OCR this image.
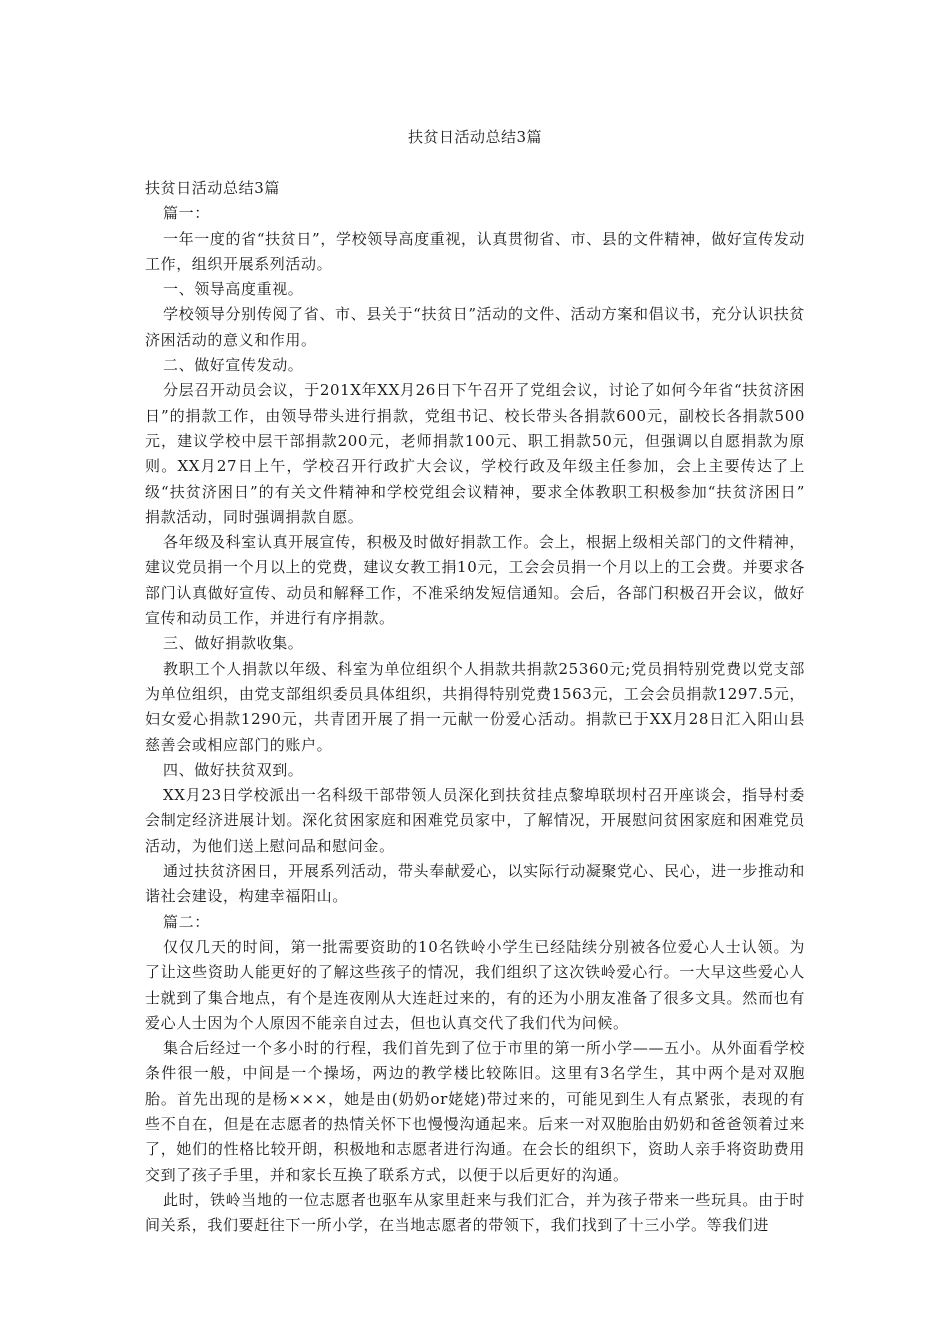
扶贫日活动总结3篇

扶贫日活动总结3篇

篇一：

一年一度的省“扶贫日”，学校领导高度重视，认真贯彻省、市、县的文件精神，做好宣传发动工作，组织开展系列活动。

一、领导高度重视。

学校领导分别传阅了省、市、县关于“扶贫日”活动的文件、活动方案和倡议书，充分认识扶贫济困活动的意义和作用。

二、做好宣传发动。

分层召开动员会议，于201X年XX月26日下午召开了党组会议，讨论了如何今年省“扶贫济困日”的捐款工作，由领导带头进行捐款，党组书记、校长带头各捐款600元，副校长各捐款500元，建议学校中层干部捐款200元，老师捐款100元、职工捐款50元，但强调以自愿捐款为原则。XX月27日上午，学校召开行政扩大会议，学校行政及年级主任参加，会上主要传达了上级“扶贫济困日”的有关文件精神和学校党组会议精神，要求全体教职工积极参加“扶贫济困日” 捐款活动，同时强调捐款自愿。

各年级及科室认真开展宣传，积极及时做好捐款工作。会上，根据上级相关部门的文件精神，建议党员捐一个月以上的党费，建议女教工捐10元，工会会员捐一个月以上的工会费。并要求各部门认真做好宣传、动员和解释工作，不准采纳发短信通知。会后，各部门积极召开会议，做好宣传和动员工作，并进行有序捐款。

三、做好捐款收集。

教职工个人捐款以年级、科室为单位组织个人捐款共捐款25360元;党员捐特别党费以党支部为单位组织，由党支部组织委员具体组织，共捐得特别党费1563元，工会会员捐款1297.5元，妇女爱心捐款1290元，共青团开展了捐一元献一份爱心活动。捐款已于XX月28日汇入阳山县慈善会或相应部门的账户。

四、做好扶贫双到。

XX月23日学校派出一名科级干部带领人员深化到扶贫挂点黎埠联坝村召开座谈会，指导村委会制定经济进展计划。深化贫困家庭和困难党员家中，了解情况，开展慰问贫困家庭和困难党员活动，为他们送上慰问品和慰问金。

通过扶贫济困日，开展系列活动，带头奉献爱心，以实际行动凝聚党心、民心，进一步推动和谐社会建设，构建幸福阳山。

篇二：

仅仅几天的时间，第一批需要资助的10名铁岭小学生已经陆续分别被各位爱心人士认领。为了让这些资助人能更好的了解这些孩子的情况，我们组织了这次铁岭爱心行。一大早这些爱心人士就到了集合地点，有个是连夜刚从大连赶过来的，有的还为小朋友准备了很多文具。然而也有爱心人士因为个人原因不能亲自过去，但也认真交代了我们代为问候。

集合后经过一个多小时的行程，我们首先到了位于市里的第一所小学——五小。从外面看学校条件很一般，中间是一个操场，两边的教学楼比较陈旧。这里有3名学生，其中两个是对双胞胎。首先出现的是杨×××，她是由(奶奶or姥姥)带过来的，可能见到生人有点紧张，表现的有些不自在，但是在志愿者的热情关怀下也慢慢沟通起来。后来一对双胞胎由奶奶和爸爸领着过来了，她们的性格比较开朗，积极地和志愿者进行沟通。在会长的组织下，资助人亲手将资助费用交到了孩子手里，并和家长互换了联系方式，以便于以后更好的沟通。

此时，铁岭当地的一位志愿者也驱车从家里赶来与我们汇合，并为孩子带来一些玩具。由于时间关系，我们要赶往下一所小学，在当地志愿者的带领下，我们找到了十三小学。等我们进
